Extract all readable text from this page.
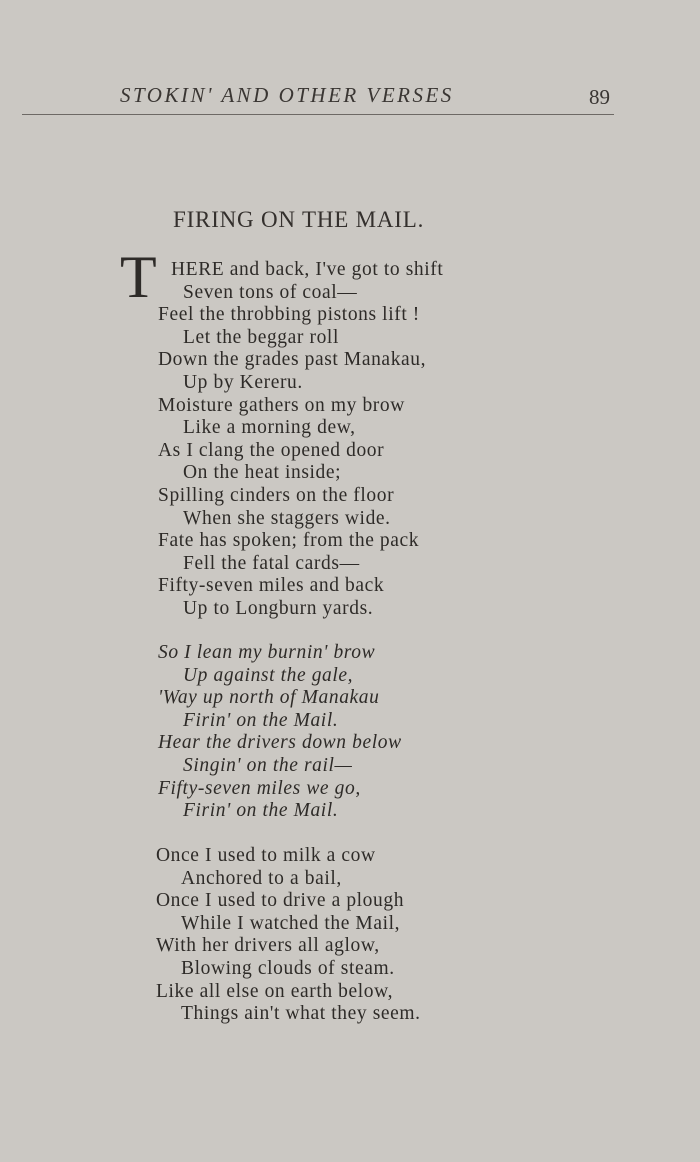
STOKIN' AND OTHER VERSES	89
FIRING ON THE MAIL.
T HERE and back, I've got to shift
Seven tons of coal—
Feel the throbbing pistons lift !
Let the beggar roll
Down the grades past Manakau,
Up by Kereru.
Moisture gathers on my brow
Like a morning dew,
As I clang the opened door
On the heat inside;
Spilling cinders on the floor
When she staggers wide.
Fate has spoken; from the pack
Fell the fatal cards—
Fifty-seven miles and back
Up to Longburn yards.
So I lean my burnin' brow
Up against the gale,
'Way up north of Manakau
Firin' on the Mail.
Hear the drivers down below
Singin' on the rail—
Fifty-seven miles we go,
Firin' on the Mail.
Once I used to milk a cow
Anchored to a bail,
Once I used to drive a plough
While I watched the Mail,
With her drivers all aglow,
Blowing clouds of steam.
Like all else on earth below,
Things ain't what they seem.
